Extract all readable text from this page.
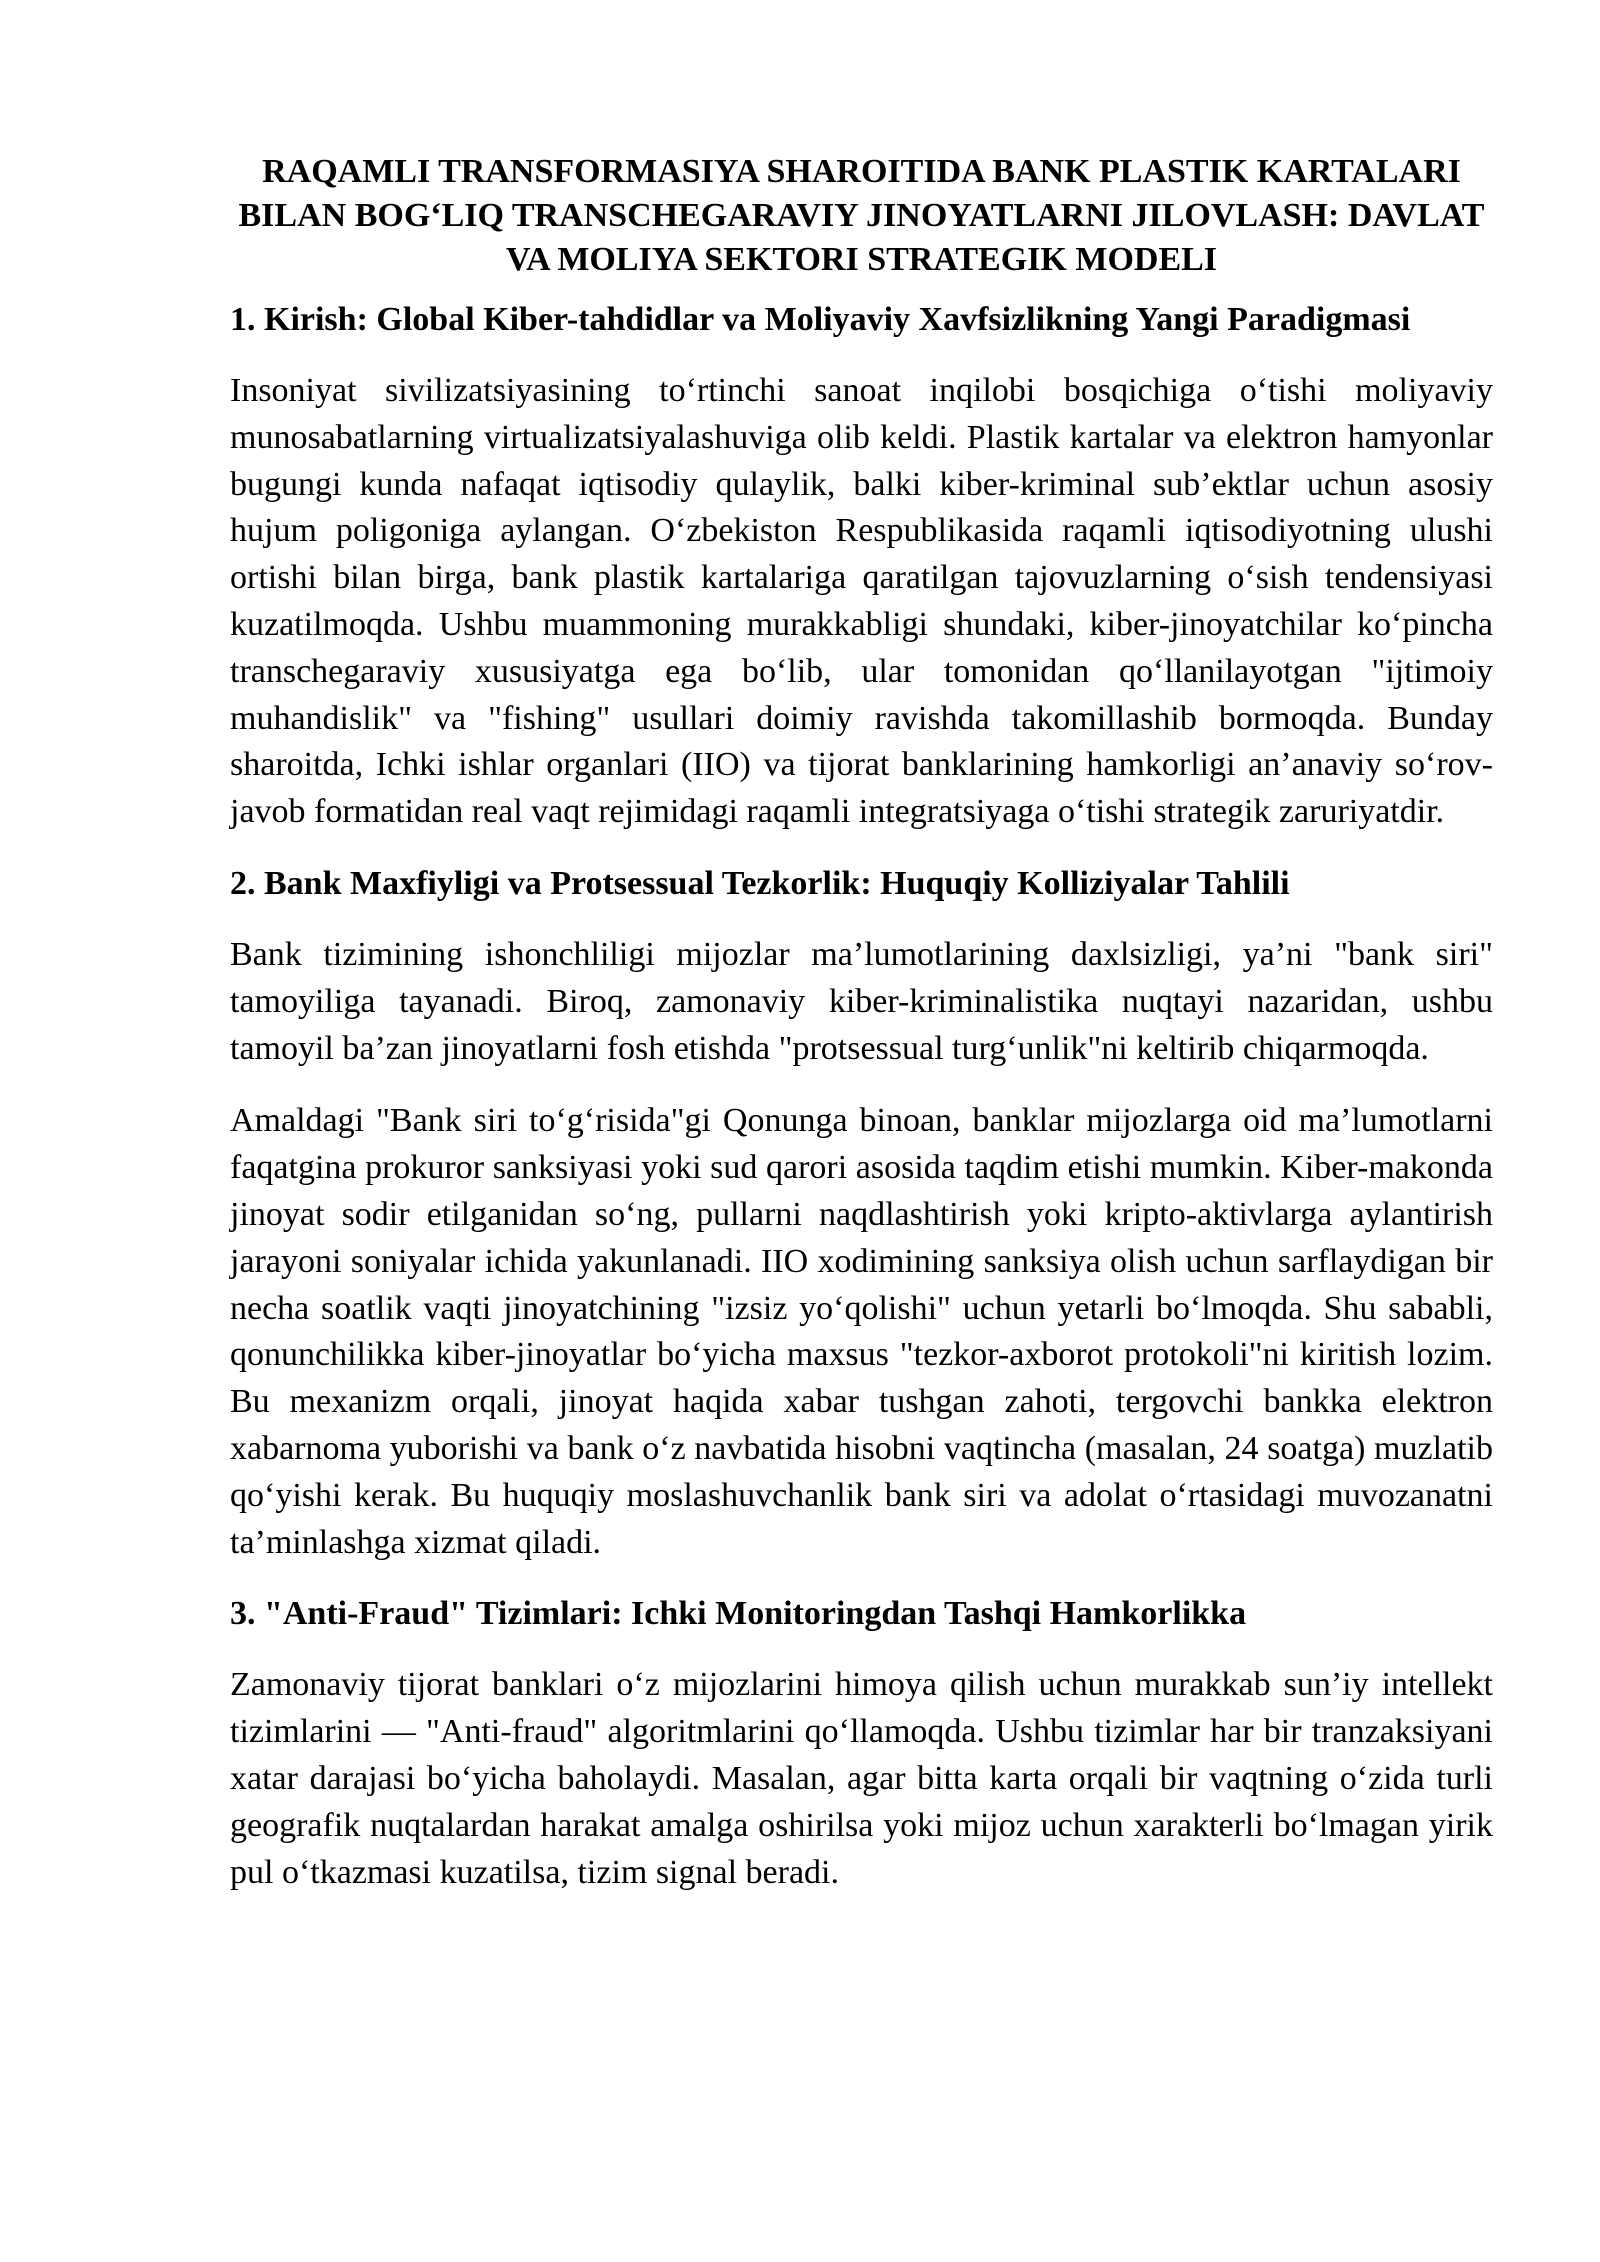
RAQAMLI TRANSFORMASIYA SHAROITIDA BANK PLASTIK KARTALARI BILAN BOG‘LIQ TRANSCHEGARAVIY JINOYATLARNI JILOVLASH: DAVLAT VA MOLIYA SEKTORI STRATEGIK MODELI
1. Kirish: Global Kiber-tahdidlar va Moliyaviy Xavfsizlikning Yangi Paradigmasi

Insoniyat sivilizatsiyasining to‘rtinchi sanoat inqilobi bosqichiga o‘tishi moliyaviy munosabatlarning virtualizatsiyalashuviga olib keldi. Plastik kartalar va elektron hamyonlar bugungi kunda nafaqat iqtisodiy qulaylik, balki kiber-kriminal sub’ektlar uchun asosiy hujum poligoniga aylangan. O‘zbekiston Respublikasida raqamli iqtisodiyotning ulushi ortishi bilan birga, bank plastik kartalariga qaratilgan tajovuzlarning o‘sish tendensiyasi kuzatilmoqda. Ushbu muammoning murakkabligi shundaki, kiber-jinoyatchilar ko‘pincha transchegaraviy xususiyatga ega bo‘lib, ular tomonidan qo‘llanilayotgan "ijtimoiy muhandislik" va "fishing" usullari doimiy ravishda takomillashib bormoqda. Bunday sharoitda, Ichki ishlar organlari (IIO) va tijorat banklarining hamkorligi an’anaviy so‘rov-javob formatidan real vaqt rejimidagi raqamli integratsiyaga o‘tishi strategik zaruriyatdir.

2. Bank Maxfiyligi va Protsessual Tezkorlik: Huquqiy Kolliziyalar Tahlili

Bank tizimining ishonchliligi mijozlar ma’lumotlarining daxlsizligi, ya’ni "bank siri" tamoyiliga tayanadi. Biroq, zamonaviy kiber-kriminalistika nuqtayi nazaridan, ushbu tamoyil ba’zan jinoyatlarni fosh etishda "protsessual turg‘unlik"ni keltirib chiqarmoqda.

Amaldagi "Bank siri to‘g‘risida"gi Qonunga binoan, banklar mijozlarga oid ma’lumotlarni faqatgina prokuror sanksiyasi yoki sud qarori asosida taqdim etishi mumkin. Kiber-makonda jinoyat sodir etilganidan so‘ng, pullarni naqdlashtirish yoki kripto-aktivlarga aylantirish jarayoni soniyalar ichida yakunlanadi. IIO xodimining sanksiya olish uchun sarflaydigan bir necha soatlik vaqti jinoyatchining "izsiz yo‘qolishi" uchun yetarli bo‘lmoqda. Shu sababli, qonunchilikka kiber-jinoyatlar bo‘yicha maxsus "tezkor-axborot protokoli"ni kiritish lozim. Bu mexanizm orqali, jinoyat haqida xabar tushgan zahoti, tergovchi bankka elektron xabarnoma yuborishi va bank o‘z navbatida hisobni vaqtincha (masalan, 24 soatga) muzlatib qo‘yishi kerak. Bu huquqiy moslashuvchanlik bank siri va adolat o‘rtasidagi muvozanatni ta’minlashga xizmat qiladi.

3. "Anti-Fraud" Tizimlari: Ichki Monitoringdan Tashqi Hamkorlikka

Zamonaviy tijorat banklari o‘z mijozlarini himoya qilish uchun murakkab sun’iy intellekt tizimlarini — "Anti-fraud" algoritmlarini qo‘llamoqda. Ushbu tizimlar har bir tranzaksiyani xatar darajasi bo‘yicha baholaydi. Masalan, agar bitta karta orqali bir vaqtning o‘zida turli geografik nuqtalardan harakat amalga oshirilsa yoki mijoz uchun xarakterli bo‘lmagan yirik pul o‘tkazmasi kuzatilsa, tizim signal beradi.
